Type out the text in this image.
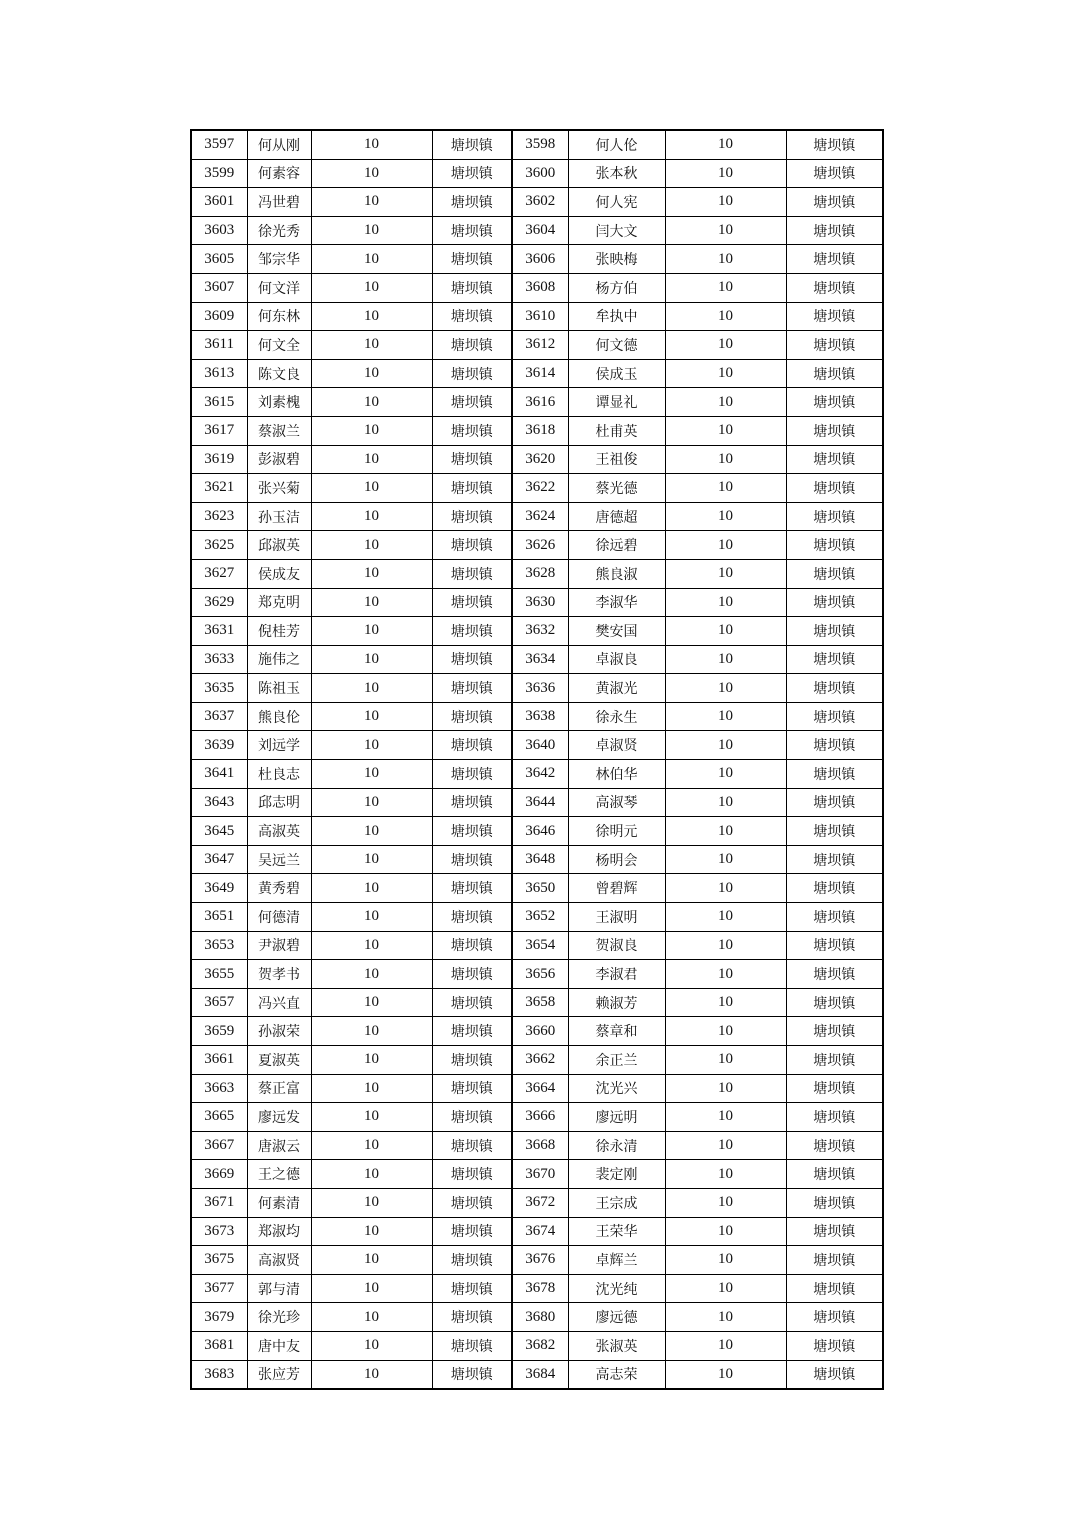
3597	何从刚	10	塘坝镇	3598	何人伦	10	塘坝镇
3599	何素容	10	塘坝镇	3600	张本秋	10	塘坝镇
3601	冯世碧	10	塘坝镇	3602	何人宪	10	塘坝镇
3603	徐光秀	10	塘坝镇	3604	闫大文	10	塘坝镇
3605	邹宗华	10	塘坝镇	3606	张映梅	10	塘坝镇
3607	何文洋	10	塘坝镇	3608	杨方伯	10	塘坝镇
3609	何东林	10	塘坝镇	3610	牟执中	10	塘坝镇
3611	何文全	10	塘坝镇	3612	何文德	10	塘坝镇
3613	陈文良	10	塘坝镇	3614	侯成玉	10	塘坝镇
3615	刘素槐	10	塘坝镇	3616	谭显礼	10	塘坝镇
3617	蔡淑兰	10	塘坝镇	3618	杜甫英	10	塘坝镇
3619	彭淑碧	10	塘坝镇	3620	王祖俊	10	塘坝镇
3621	张兴菊	10	塘坝镇	3622	蔡光德	10	塘坝镇
3623	孙玉洁	10	塘坝镇	3624	唐德超	10	塘坝镇
3625	邱淑英	10	塘坝镇	3626	徐远碧	10	塘坝镇
3627	侯成友	10	塘坝镇	3628	熊良淑	10	塘坝镇
3629	郑克明	10	塘坝镇	3630	李淑华	10	塘坝镇
3631	倪桂芳	10	塘坝镇	3632	樊安国	10	塘坝镇
3633	施伟之	10	塘坝镇	3634	卓淑良	10	塘坝镇
3635	陈祖玉	10	塘坝镇	3636	黄淑光	10	塘坝镇
3637	熊良伦	10	塘坝镇	3638	徐永生	10	塘坝镇
3639	刘远学	10	塘坝镇	3640	卓淑贤	10	塘坝镇
3641	杜良志	10	塘坝镇	3642	林伯华	10	塘坝镇
3643	邱志明	10	塘坝镇	3644	高淑琴	10	塘坝镇
3645	高淑英	10	塘坝镇	3646	徐明元	10	塘坝镇
3647	吴远兰	10	塘坝镇	3648	杨明会	10	塘坝镇
3649	黄秀碧	10	塘坝镇	3650	曾碧辉	10	塘坝镇
3651	何德清	10	塘坝镇	3652	王淑明	10	塘坝镇
3653	尹淑碧	10	塘坝镇	3654	贺淑良	10	塘坝镇
3655	贺孝书	10	塘坝镇	3656	李淑君	10	塘坝镇
3657	冯兴直	10	塘坝镇	3658	赖淑芳	10	塘坝镇
3659	孙淑荣	10	塘坝镇	3660	蔡章和	10	塘坝镇
3661	夏淑英	10	塘坝镇	3662	余正兰	10	塘坝镇
3663	蔡正富	10	塘坝镇	3664	沈光兴	10	塘坝镇
3665	廖远发	10	塘坝镇	3666	廖远明	10	塘坝镇
3667	唐淑云	10	塘坝镇	3668	徐永清	10	塘坝镇
3669	王之德	10	塘坝镇	3670	裴定刚	10	塘坝镇
3671	何素清	10	塘坝镇	3672	王宗成	10	塘坝镇
3673	郑淑均	10	塘坝镇	3674	王荣华	10	塘坝镇
3675	高淑贤	10	塘坝镇	3676	卓辉兰	10	塘坝镇
3677	郭与清	10	塘坝镇	3678	沈光纯	10	塘坝镇
3679	徐光珍	10	塘坝镇	3680	廖远德	10	塘坝镇
3681	唐中友	10	塘坝镇	3682	张淑英	10	塘坝镇
3683	张应芳	10	塘坝镇	3684	高志荣	10	塘坝镇
